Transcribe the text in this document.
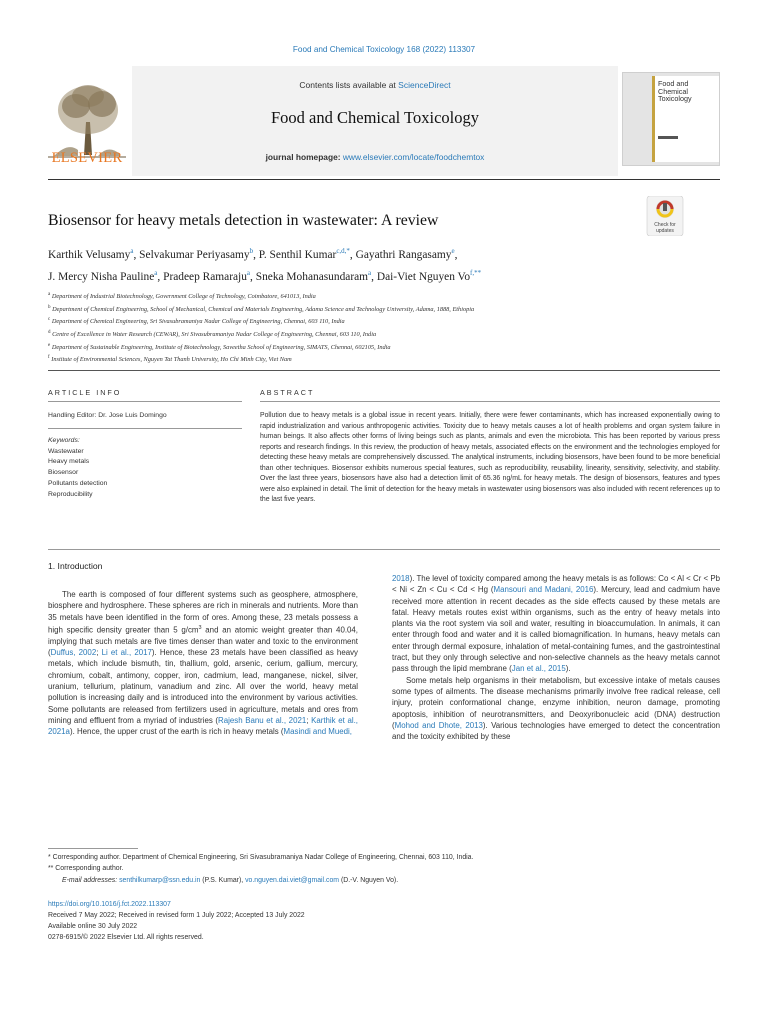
Food and Chemical Toxicology 168 (2022) 113307
ELSEVIER
Contents lists available at ScienceDirect
Food and Chemical Toxicology
journal homepage: www.elsevier.com/locate/foodchemtox
Food and Chemical Toxicology
Biosensor for heavy metals detection in wastewater: A review	Check for
updates
Karthik Velusamy$^a$, Selvakumar Periyasamy$^b$, P. Senthil Kumar$^{c,d,*}$, Gayathri Rangasamy$^e$,
J. Mercy Nisha Pauline$^a$, Pradeep Ramaraju$^a$, Sneka Mohanasundaram$^a$, Dai-Viet Nguyen $Vo^{f,**}$
$^a$ Department of Industrial Biotechnology, Government College of Technology, Coimbatore, 641013, India
$^b$ Department of Chemical Engineering, School of Mechanical, Chemical and Materials Engineering, Adama Science and Technology University, Adama, 1888, Ethiopia
$^c$ Department of Chemical Engineering, Sri Sivasubramaniya Nadar College of Engineering, Chennai, 603 110, India
$^d$ Centre of Excellence in Water Research (CEWAR), Sri Sivasubramaniya Nadar College of Engineering, Chennai, 603 110, India
$^e$ Department of Sustainable Engineering, Institute of Biotechnology, Saveetha School of Engineering, SIMATS, Chennai, 602105, India
$^f$ Institute of Environmental Sciences, Nguyen Tat Thanh University, Ho Chi Minh City, Viet Nam
ARTICLE INFO	ABSTRACT
Handling Editor: Dr. Jose Luis Domingo
Keywords:
Wastewater
Heavy metals
Biosensor
Pollutants detection
Reproducibility
Pollution due to heavy metals is a global issue in recent years. Initially, there were fewer contaminants, which has increased exponentially owing to rapid industrialization and various anthropogenic activities. Toxicity due to heavy metals causes a lot of health problems and organ system failure in human beings. It also affects other forms of living beings such as plants, animals and even the microbiota. This has been reported by various press reports and research findings. In this review, the production of heavy metals, associated effects on the environment and the technologies employed for detecting these heavy metals are comprehensively discussed. The analytical instruments, including biosensors, have been found to be more beneficial than other techniques. Biosensor exhibits numerous special features, such as reproducibility, reusability, linearity, sensitivity, selectivity, and stability. Over the last three years, biosensors have also had a detection limit of 65.36 ng/mL for heavy metals. The design of biosensors, features and types were also explained in detail. The limit of detection for the heavy metals in wastewater using biosensors was also included with recent references up to the last five years.
1. Introduction

The earth is composed of four different systems such as geosphere, atmosphere, biosphere and hydrosphere. These spheres are rich in minerals and nutrients. More than 35 metals have been identified in the form of ores. Among these, 23 metals possess a high specific density greater than 5 $g/cm^3$ and an atomic weight greater than 40.04, implying that such metals are five times denser than water and toxic to the environment (Duffus, 2002; Li et al., 2017). Hence, these 23 metals have been classified as heavy metals, which include bismuth, tin, thallium, gold, arsenic, cerium, gallium, mercury, chromium, cobalt, antimony, copper, iron, cadmium, lead, manganese, nickel, silver, uranium, tellurium, platinum, vanadium and zinc. All over the world, heavy metal pollution is increasing daily and is introduced into the environment by various activities. Some pollutants are released from fertilizers used in agriculture, metals and ores from mining and effluent from a myriad of industries (Rajesh Banu et al., 2021; Karthik et al., 2021a). Hence, the upper crust of the earth is rich in heavy metals (Masindi and Muedi,

2018). The level of toxicity compared among the heavy metals is as follows: Co < Al < Cr < Pb < Ni < Zn < Cu < Cd < Hg (Mansouri and Madani, 2016). Mercury, lead and cadmium have received more attention in recent decades as the side effects caused by these metals are fatal. Heavy metals routes exist within organisms, such as the entry of heavy metals into plants via the root system via soil and water, resulting in bioaccumulation. In animals, it can enter through food and water and it is called biomagnification. In humans, heavy metals can enter through dermal exposure, inhalation of metal-containing fumes, and the gastrointestinal tract, but they only through selective and non-selective channels as the heavy metals cannot pass through the lipid membrane (Jan et al., 2015).

Some metals help organisms in their metabolism, but excessive intake of metals causes some types of ailments. The disease mechanisms primarily involve free radical release, cell injury, protein conformational change, enzyme inhibition, neuron damage, promoting apoptosis, inhibition of neurotransmitters, and Deoxyribonucleic acid (DNA) destruction (Mohod and Dhote, 2013). Various technologies have emerged to detect the concentration and the toxicity exhibited by these

* Corresponding author. Department of Chemical Engineering, Sri Sivasubramaniya Nadar College of Engineering, Chennai, 603 110, India.
** Corresponding author.
E-mail addresses: senthilkumarp@ssn.edu.in (P.S. Kumar), vo.nguyen.dai.viet@gmail.com (D.-V. Nguyen Vo).
https://doi.org/10.1016/j.fct.2022.113307
Received 7 May 2022; Received in revised form 1 July 2022; Accepted 13 July 2022
Available online 30 July 2022
0278-6915/© 2022 Elsevier Ltd. All rights reserved.
